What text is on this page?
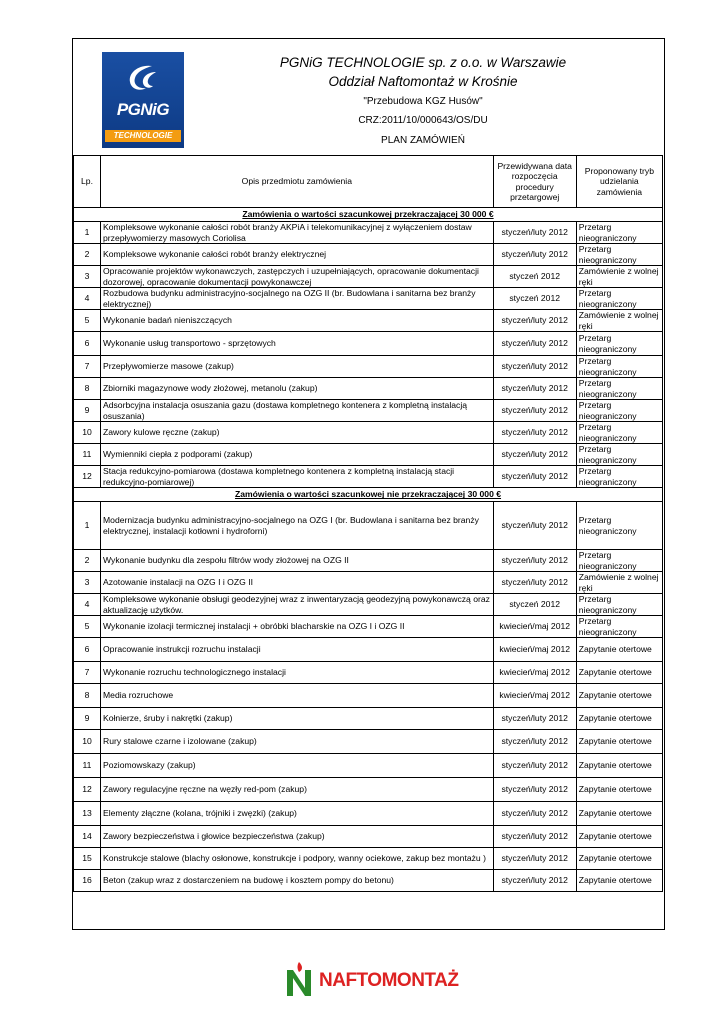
PGNiG
TECHNOLOGIE
PGNiG TECHNOLOGIE sp. z o.o. w Warszawie
Oddział Naftomontaż w Krośnie
"Przebudowa KGZ Husów"
CRZ:2011/10/000643/OS/DU
PLAN ZAMÓWIEŃ
Lp.	Opis przedmiotu zamówienia	Przewidywana data rozpoczęcia procedury przetargowej	Proponowany tryb udzielania zamówienia
Zamówienia o wartości szacunkowej przekraczającej 30 000 €			
1	Kompleksowe wykonanie całości robót branży AKPiA i telekomunikacyjnej z wyłączeniem dostaw przepływomierzy masowych Coriolisa	styczeń/luty 2012	Przetarg nieograniczony
2	Kompleksowe wykonanie całości robót branży elektrycznej	styczeń/luty 2012	Przetarg nieograniczony
3	Opracowanie projektów wykonawczych, zastępczych i uzupełniających, opracowanie dokumentacji dozorowej, opracowanie dokumentacji powykonawczej	styczeń 2012	Zamówienie z wolnej ręki
4	Rozbudowa budynku administracyjno-socjalnego na OZG II (br. Budowlana i sanitarna bez branży elektrycznej)	styczeń 2012	Przetarg nieograniczony
5	Wykonanie badań nieniszczących	styczeń/luty 2012	Zamówienie z wolnej ręki
6	Wykonanie usług transportowo - sprzętowych	styczeń/luty 2012	Przetarg nieograniczony
7	Przepływomierze masowe (zakup)	styczeń/luty 2012	Przetarg nieograniczony
8	Zbiorniki magazynowe wody złożowej, metanolu (zakup)	styczeń/luty 2012	Przetarg nieograniczony
9	Adsorbcyjna instalacja osuszania gazu (dostawa kompletnego kontenera z kompletną instalacją osuszania)	styczeń/luty 2012	Przetarg nieograniczony
10	Zawory kulowe ręczne (zakup)	styczeń/luty 2012	Przetarg nieograniczony
11	Wymienniki ciepła z podporami (zakup)	styczeń/luty 2012	Przetarg nieograniczony
12	Stacja redukcyjno-pomiarowa (dostawa kompletnego kontenera z kompletną instalacją stacji redukcyjno-pomiarowej)	styczeń/luty 2012	Przetarg nieograniczony
Zamówienia o wartości szacunkowej nie przekraczającej 30 000 €			
1	Modernizacja budynku administracyjno-socjalnego na OZG I (br. Budowlana i sanitarna bez branży elektrycznej, instalacji kotłowni i hydroforni)	styczeń/luty 2012	Przetarg nieograniczony
2	Wykonanie budynku dla zespołu filtrów wody złożowej na OZG II	styczeń/luty 2012	Przetarg nieograniczony
3	Azotowanie instalacji na OZG I i OZG II	styczeń/luty 2012	Zamówienie z wolnej ręki
4	Kompleksowe wykonanie obsługi geodezyjnej wraz z inwentaryzacją geodezyjną powykonawczą oraz aktualizację użytków.	styczeń 2012	Przetarg nieograniczony
5	Wykonanie izolacji termicznej instalacji + obróbki blacharskie na OZG I i OZG II	kwiecień/maj 2012	Przetarg nieograniczony
6	Opracowanie instrukcji rozruchu instalacji	kwiecień/maj 2012	Zapytanie otertowe
7	Wykonanie rozruchu technologicznego instalacji	kwiecień/maj 2012	Zapytanie otertowe
8	Media rozruchowe	kwiecień/maj 2012	Zapytanie otertowe
9	Kołnierze, śruby i nakrętki (zakup)	styczeń/luty 2012	Zapytanie otertowe
10	Rury stalowe czarne i izolowane (zakup)	styczeń/luty 2012	Zapytanie otertowe
11	Poziomowskazy (zakup)	styczeń/luty 2012	Zapytanie otertowe
12	Zawory regulacyjne ręczne na węzły red-pom (zakup)	styczeń/luty 2012	Zapytanie otertowe
13	Elementy złączne (kolana, trójniki i zwęzki) (zakup)	styczeń/luty 2012	Zapytanie otertowe
14	Zawory bezpieczeństwa i głowice bezpieczeństwa (zakup)	styczeń/luty 2012	Zapytanie otertowe
15	Konstrukcje stalowe (blachy osłonowe, konstrukcje i podpory, wanny ociekowe, zakup bez montażu )	styczeń/luty 2012	Zapytanie otertowe
16	Beton (zakup wraz z dostarczeniem na budowę i kosztem pompy do betonu)	styczeń/luty 2012	Zapytanie otertowe
NAFTOMONTAŻ
